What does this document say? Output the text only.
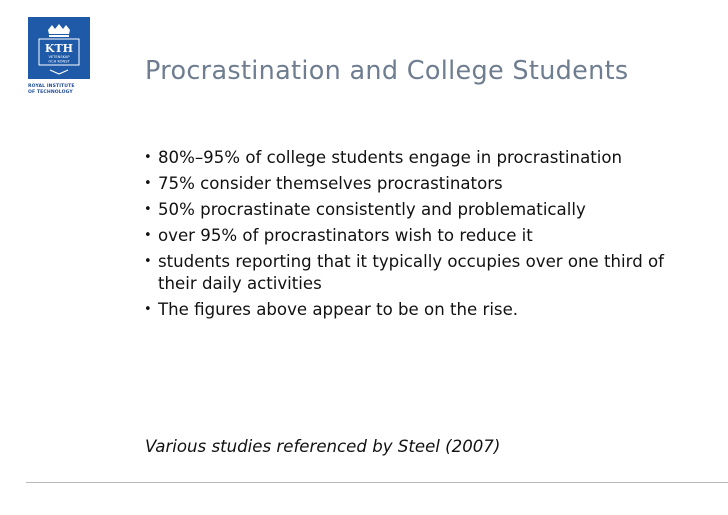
KTH
VETENSKAP
OCH KONST
ROYAL INSTITUTE
OF TECHNOLOGY
Procrastination and College Students
• 80%–95% of college students engage in procrastination
• 75% consider themselves procrastinators
• 50% procrastinate consistently and problematically
• over 95% of procrastinators wish to reduce it
• students reporting that it typically occupies over one third of their daily activities
• The figures above appear to be on the rise.
Various studies referenced by Steel (2007)
